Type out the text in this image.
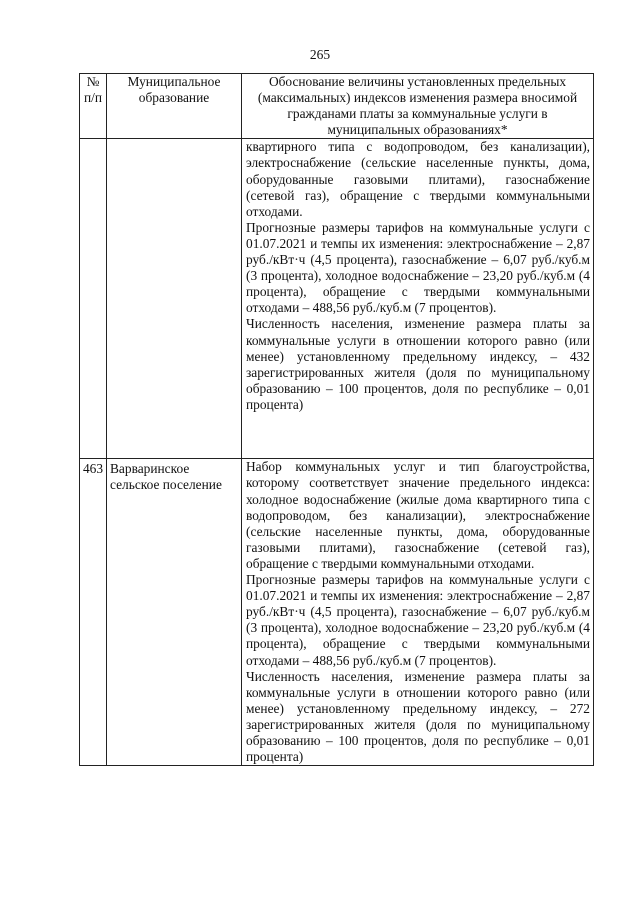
265
№ п/п	Муниципальное образование	Обоснование величины установленных предельных (максимальных) индексов изменения размера вносимой гражданами платы за коммунальные услуги в муниципальных образованиях*

		квартирного типа с водопроводом, без канализации), электроснабжение (сельские населенные пункты, дома, оборудованные газовыми плитами), газоснабжение (сетевой газ), обращение с твердыми коммунальными отходами.

Прогнозные размеры тарифов на коммунальные услуги с 01.07.2021 и темпы их изменения: электроснабжение – 2,87 руб./кВт·ч (4,5 процента), газоснабжение – 6,07 руб./куб.м (3 процента), холодное водоснабжение – 23,20 руб./куб.м (4 процента), обращение с твердыми коммунальными отходами – 488,56 руб./куб.м (7 процентов).

Численность населения, изменение размера платы за коммунальные услуги в отношении которого равно (или менее) установленному предельному индексу, – 432 зарегистрированных жителя (доля по муниципальному образованию – 100 процентов, доля по республике – 0,01 процента)

463	Варваринское сельское поселение	Набор коммунальных услуг и тип благоустройства, которому соответствует значение предельного индекса: холодное водоснабжение (жилые дома квартирного типа с водопроводом, без канализации), электроснабжение (сельские населенные пункты, дома, оборудованные газовыми плитами), газоснабжение (сетевой газ), обращение с твердыми коммунальными отходами.

Прогнозные размеры тарифов на коммунальные услуги с 01.07.2021 и темпы их изменения: электроснабжение – 2,87 руб./кВт·ч (4,5 процента), газоснабжение – 6,07 руб./куб.м (3 процента), холодное водоснабжение – 23,20 руб./куб.м (4 процента), обращение с твердыми коммунальными отходами – 488,56 руб./куб.м (7 процентов).

Численность населения, изменение размера платы за коммунальные услуги в отношении которого равно (или менее) установленному предельному индексу, – 272 зарегистрированных жителя (доля по муниципальному образованию – 100 процентов, доля по республике – 0,01 процента)
